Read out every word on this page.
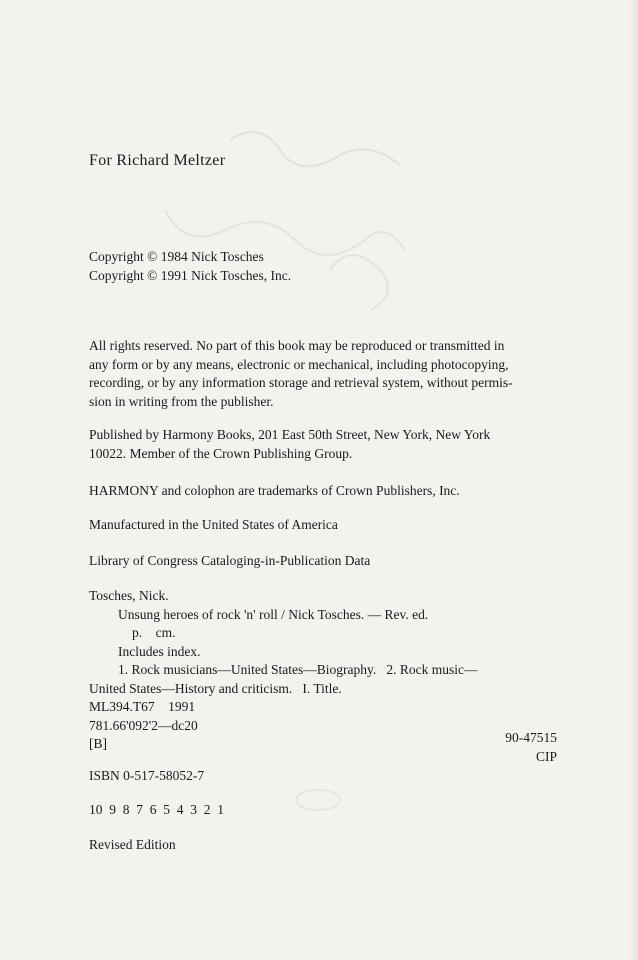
For Richard Meltzer
Copyright © 1984 Nick Tosches
Copyright © 1991 Nick Tosches, Inc.
All rights reserved. No part of this book may be reproduced or transmitted in
any form or by any means, electronic or mechanical, including photocopying,
recording, or by any information storage and retrieval system, without permis-
sion in writing from the publisher.
Published by Harmony Books, 201 East 50th Street, New York, New York
10022. Member of the Crown Publishing Group.
HARMONY and colophon are trademarks of Crown Publishers, Inc.
Manufactured in the United States of America
Library of Congress Cataloging-in-Publication Data
Tosches, Nick.
Unsung heroes of rock 'n' roll / Nick Tosches. — Rev. ed.
p.    cm.
Includes index.
1. Rock musicians—United States—Biography.   2. Rock music—
United States—History and criticism.   I. Title.
ML394.T67    1991
781.66'092'2—dc20
[B]	90-47515
CIP
ISBN 0-517-58052-7
10  9  8  7  6  5  4  3  2  1
Revised Edition
